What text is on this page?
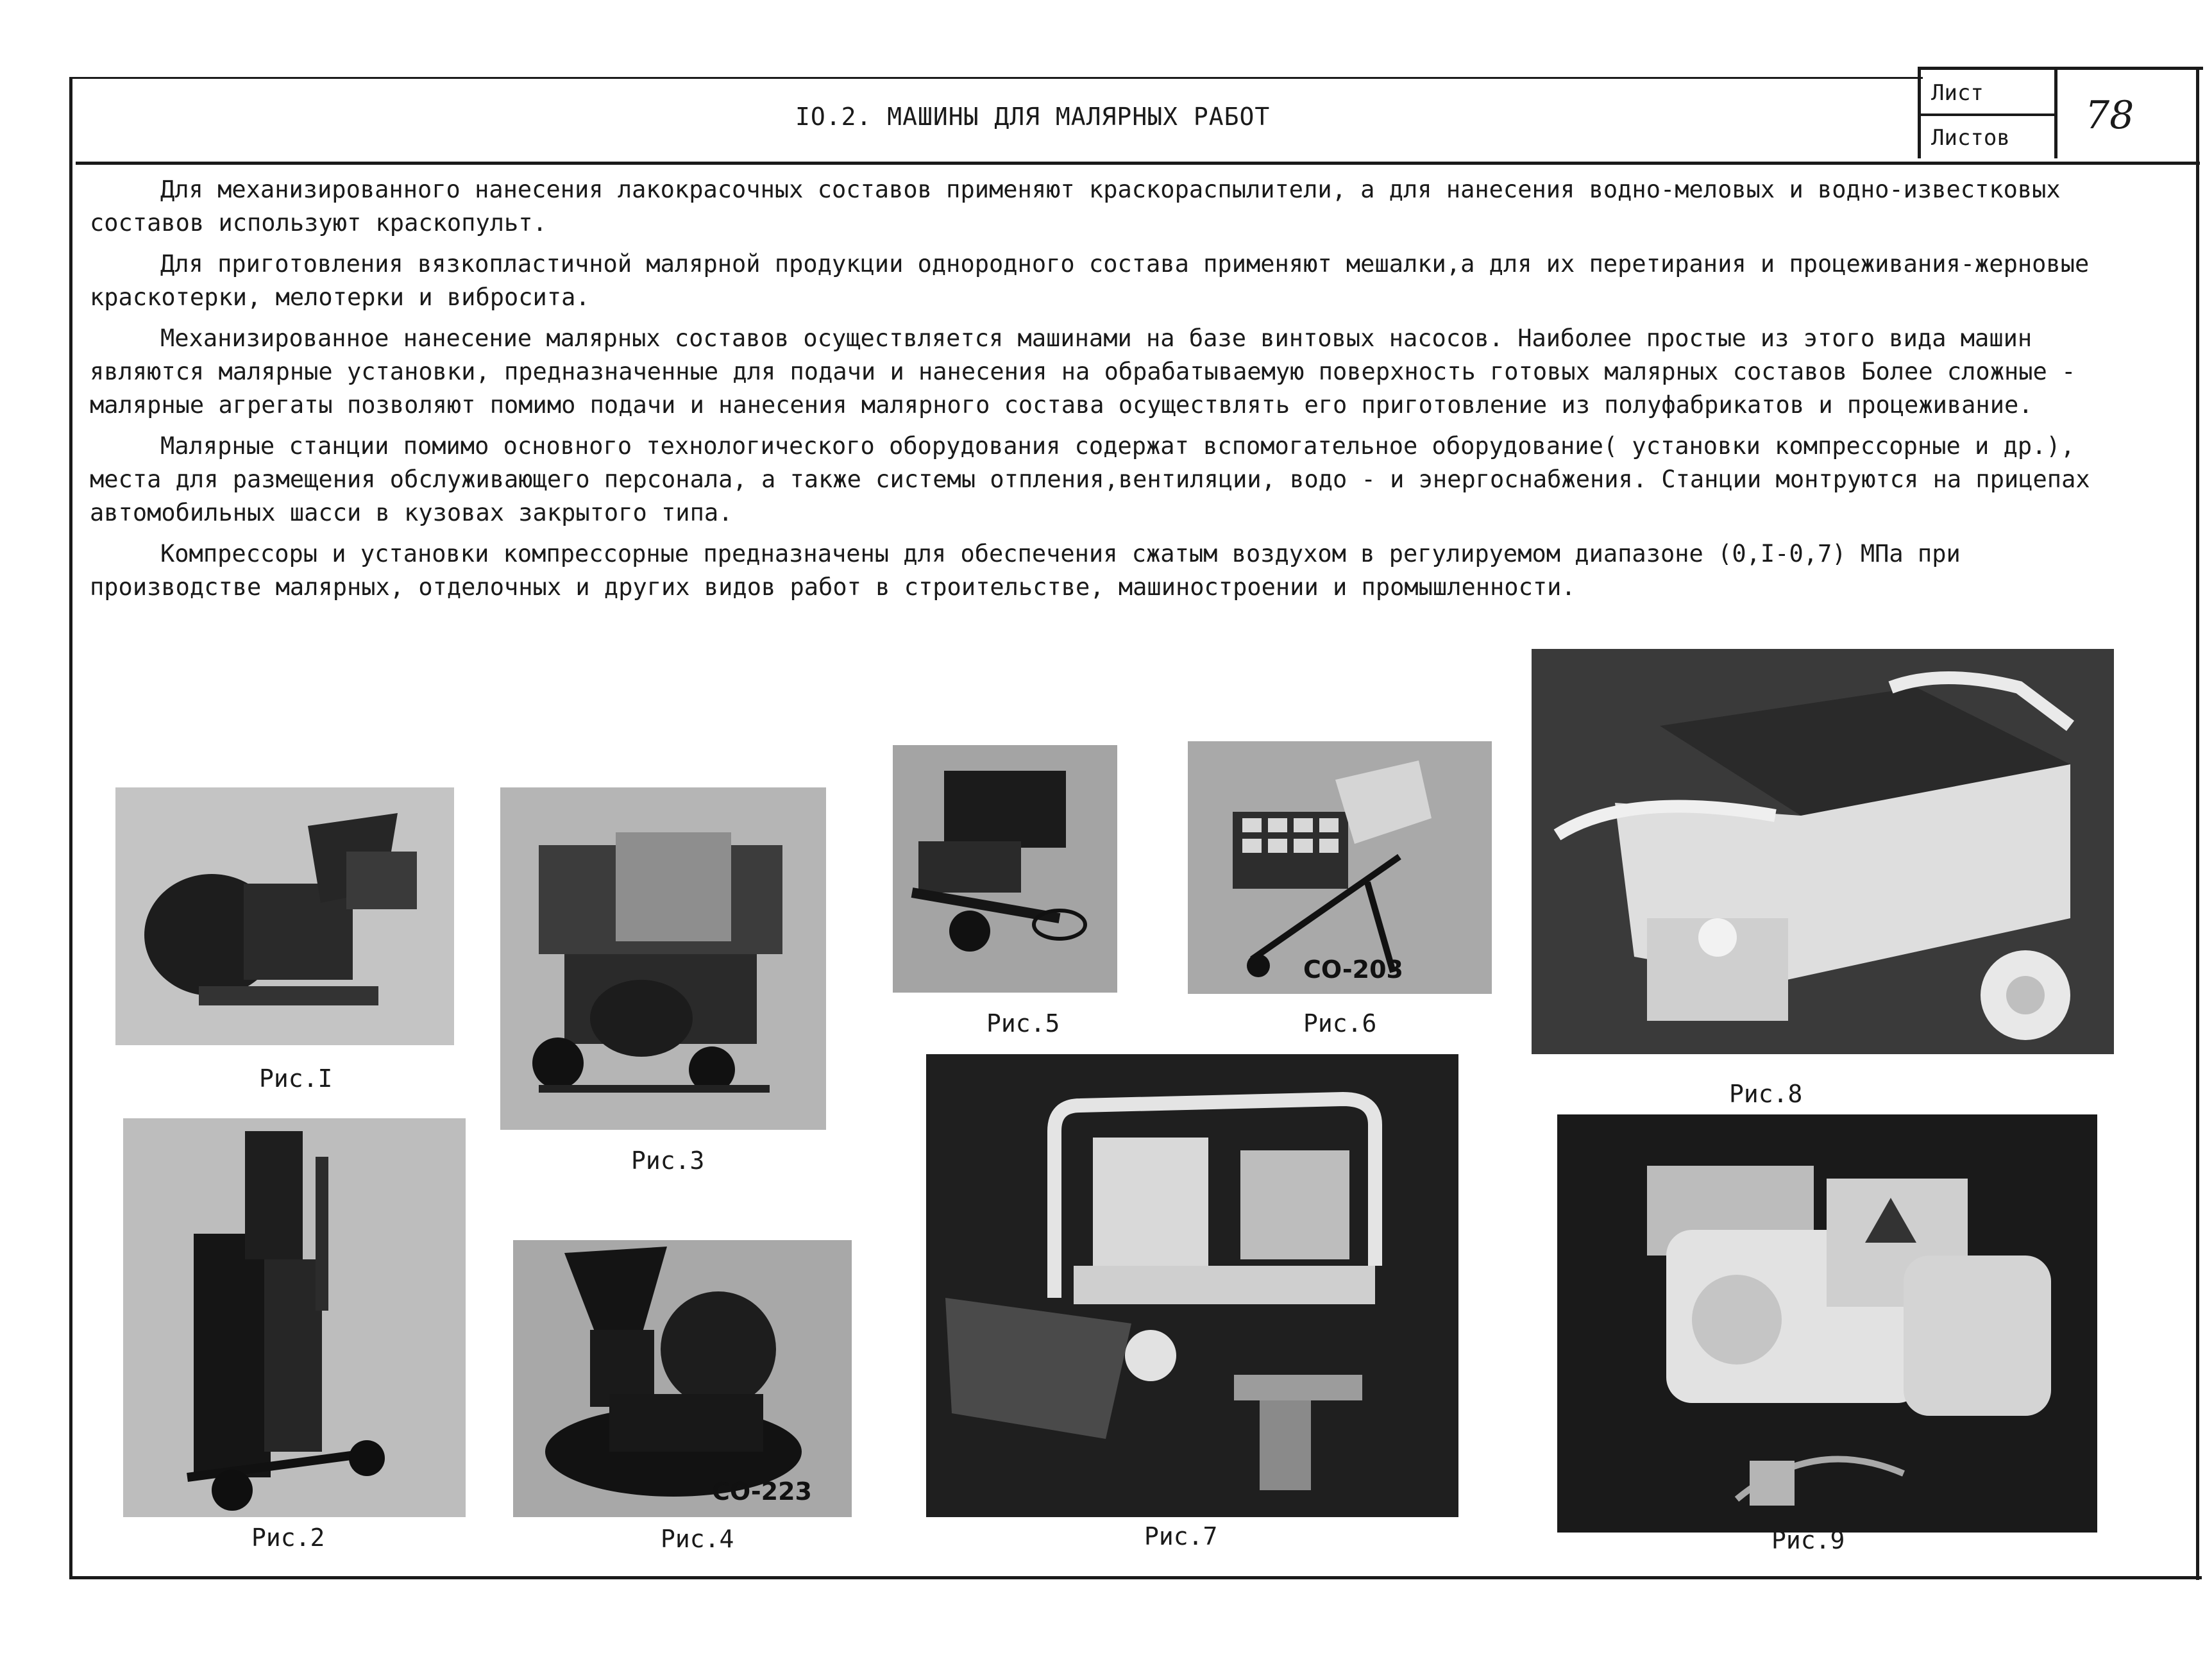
IO.2. МАШИНЫ ДЛЯ МАЛЯРНЫХ РАБОТ
Лист
Листов 78

Для механизированного нанесения лакокрасочных составов применяют краскораспылители, а для нанесения водно-меловых и водно-известковых составов используют краскопульт.

Для приготовления вязкопластичной малярной продукции однородного состава применяют мешалки,а для их перетирания и процеживания-жерновые краскотерки, мелотерки и вибросита.

Механизированное нанесение малярных составов осуществляется машинами на базе винтовых насосов. Наиболее простые из этого вида машин являются малярные установки, предназначенные для подачи и нанесения на обрабатываемую поверхность готовых малярных составов Более сложные - малярные агрегаты позволяют помимо подачи и нанесения малярного состава осуществлять его приготовление из полуфабрикатов и процеживание.

Малярные станции помимо основного технологического оборудования содержат вспомогательное оборудование( установки компрессорные и др.), места для размещения обслуживающего персонала, а также системы отпления,вентиляции, водо - и энергоснабжения. Станции монтруются на прицепах автомобильных шасси в кузовах закрытого типа.

Компрессоры и установки компрессорные предназначены для обеспечения сжатым воздухом в регулируемом диапазоне (0,I-0,7) МПа при производстве малярных, отделочных и других видов работ в строительстве, машиностроении и промышленности.

Рис.I
Рис.2
Рис.3
CO-223
Рис.4
Рис.5
CO-203
Рис.6
Рис.7
Рис.8
Рис.9
